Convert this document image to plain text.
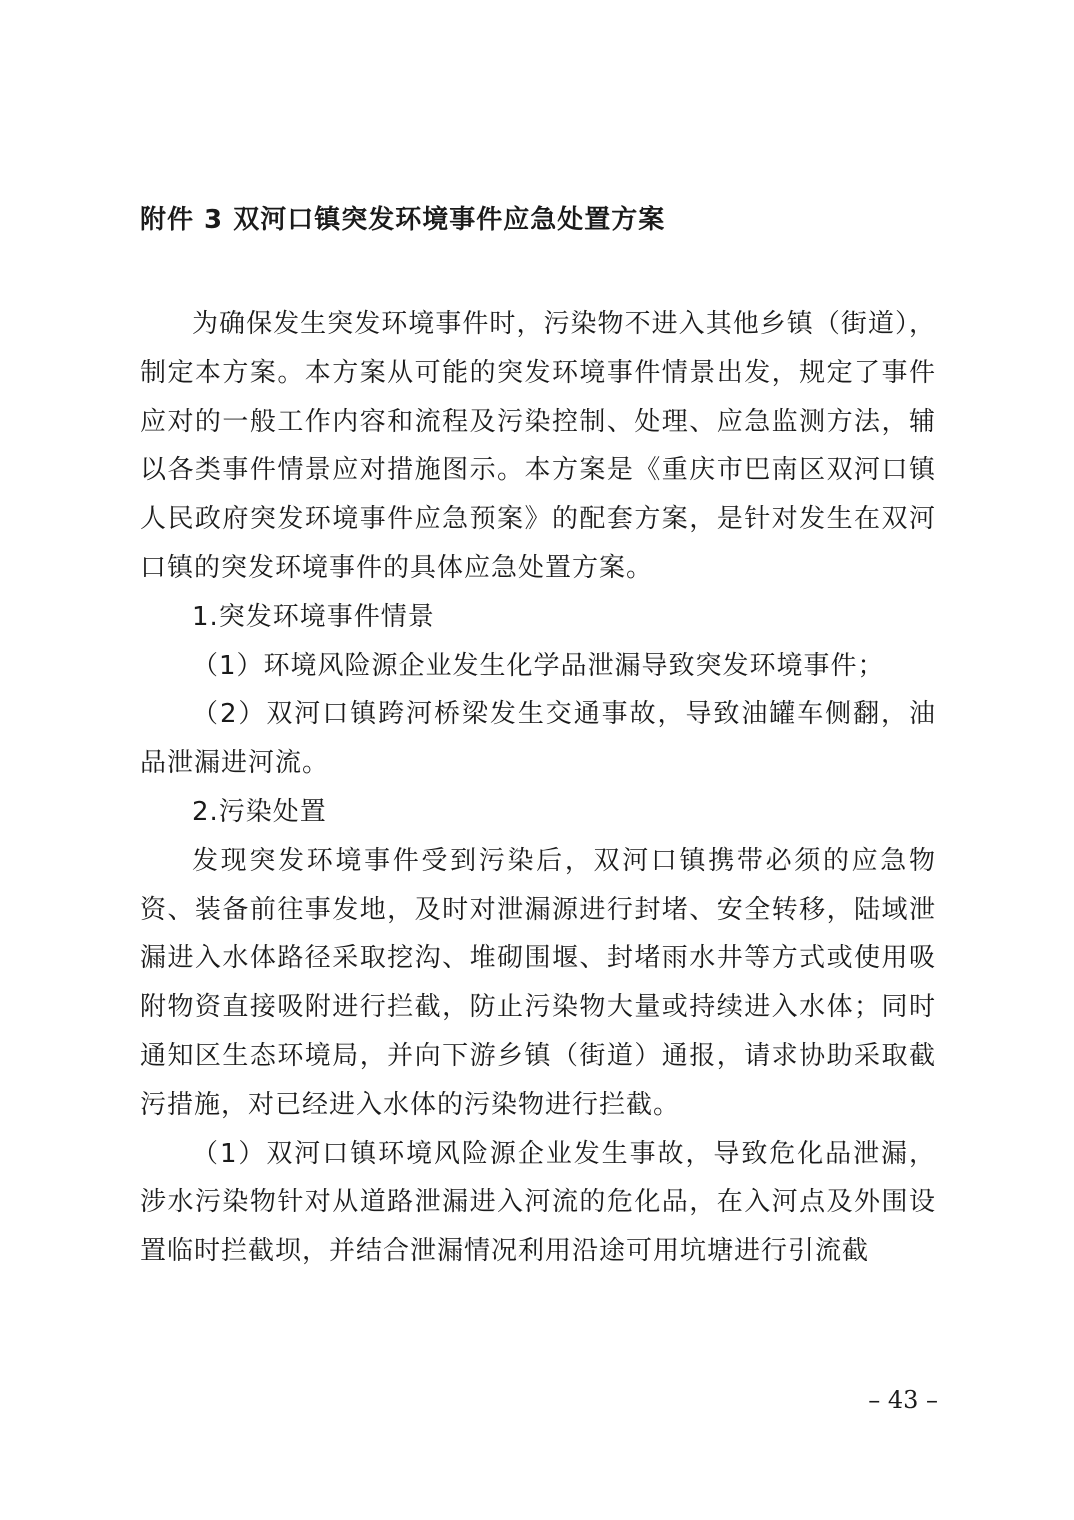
附件 3 双河口镇突发环境事件应急处置方案

为确保发生突发环境事件时，污染物不进入其他乡镇（街道），制定本方案。本方案从可能的突发环境事件情景出发，规定了事件应对的一般工作内容和流程及污染控制、处理、应急监测方法，辅以各类事件情景应对措施图示。本方案是《重庆市巴南区双河口镇人民政府突发环境事件应急预案》的配套方案，是针对发生在双河口镇的突发环境事件的具体应急处置方案。

1.突发环境事件情景

（1）环境风险源企业发生化学品泄漏导致突发环境事件；

（2）双河口镇跨河桥梁发生交通事故，导致油罐车侧翻，油品泄漏进河流。

2.污染处置

发现突发环境事件受到污染后，双河口镇携带必须的应急物资、装备前往事发地，及时对泄漏源进行封堵、安全转移，陆域泄漏进入水体路径采取挖沟、堆砌围堰、封堵雨水井等方式或使用吸附物资直接吸附进行拦截，防止污染物大量或持续进入水体；同时通知区生态环境局，并向下游乡镇（街道）通报，请求协助采取截污措施，对已经进入水体的污染物进行拦截。

（1）双河口镇环境风险源企业发生事故，导致危化品泄漏，涉水污染物针对从道路泄漏进入河流的危化品，在入河点及外围设置临时拦截坝，并结合泄漏情况利用沿途可用坑塘进行引流截

– 43 –
